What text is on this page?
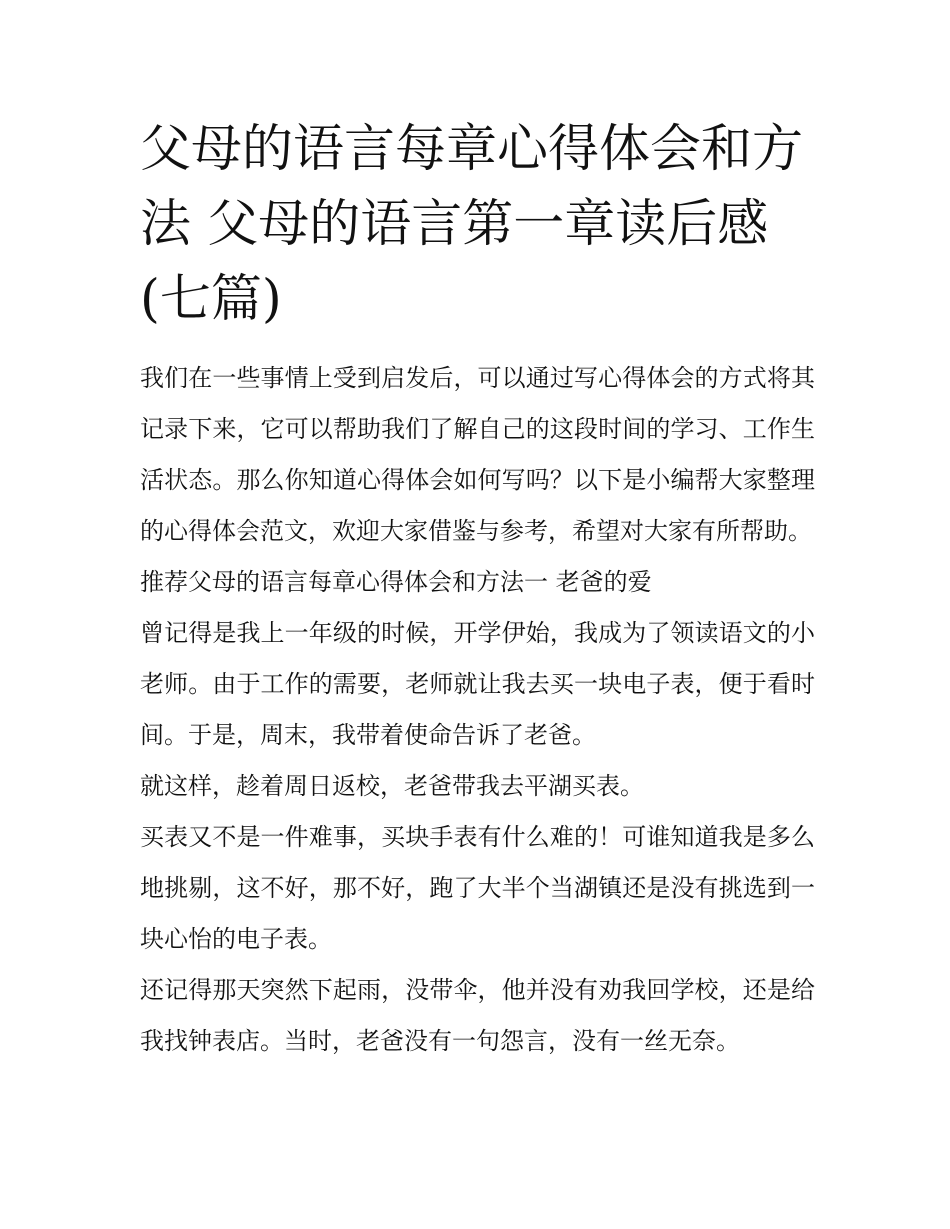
父母的语言每章心得体会和方法 父母的语言第一章读后感(七篇)

我们在一些事情上受到启发后，可以通过写心得体会的方式将其记录下来，它可以帮助我们了解自己的这段时间的学习、工作生活状态。那么你知道心得体会如何写吗？以下是小编帮大家整理的心得体会范文，欢迎大家借鉴与参考，希望对大家有所帮助。

推荐父母的语言每章心得体会和方法一 老爸的爱

曾记得是我上一年级的时候，开学伊始，我成为了领读语文的小老师。由于工作的需要，老师就让我去买一块电子表，便于看时间。于是，周末，我带着使命告诉了老爸。

就这样，趁着周日返校，老爸带我去平湖买表。

买表又不是一件难事，买块手表有什么难的！可谁知道我是多么地挑剔，这不好，那不好，跑了大半个当湖镇还是没有挑选到一块心怡的电子表。

还记得那天突然下起雨，没带伞，他并没有劝我回学校，还是给我找钟表店。当时，老爸没有一句怨言，没有一丝无奈。
